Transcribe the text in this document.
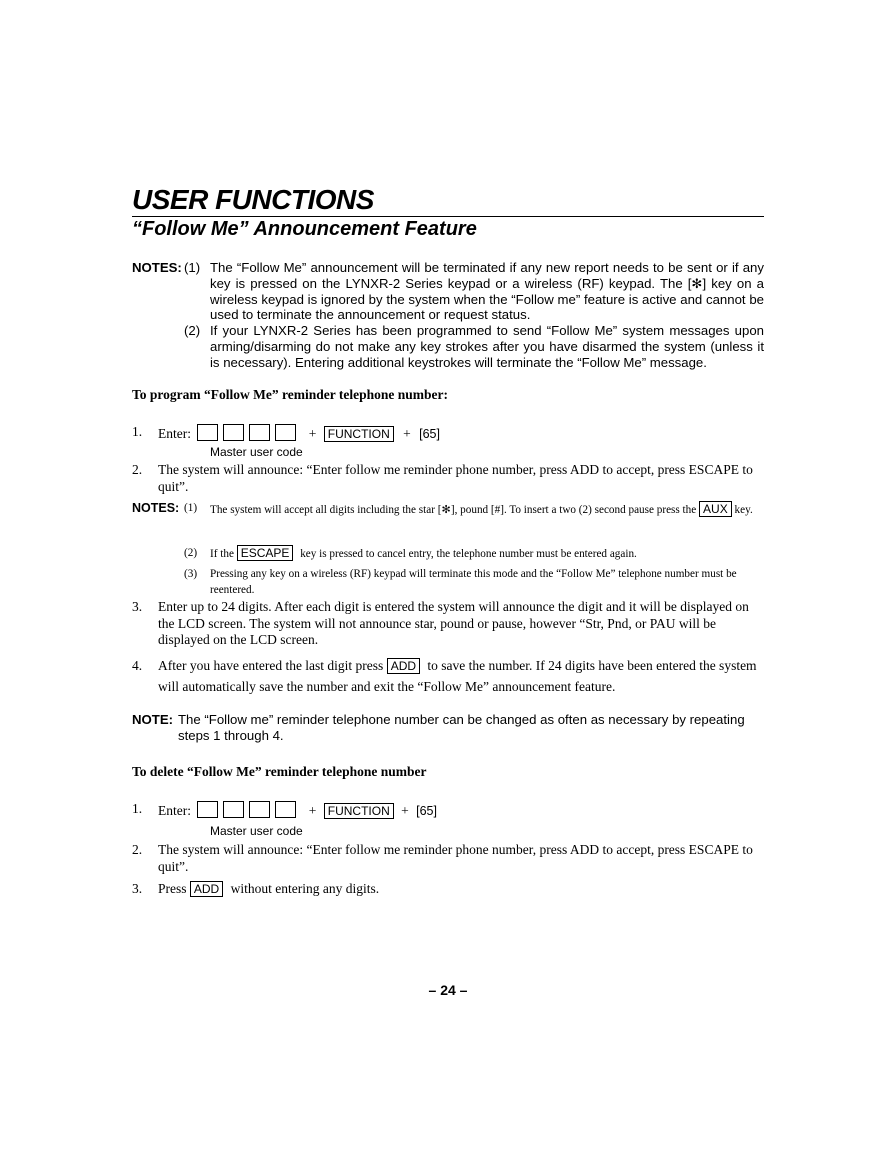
USER FUNCTIONS
“Follow Me” Announcement Feature
NOTES: (1) The “Follow Me” announcement will be terminated if any new report needs to be sent or if any key is pressed on the LYNXR-2 Series keypad or a wireless (RF) keypad. The [✻] key on a wireless keypad is ignored by the system when the “Follow me” feature is active and cannot be used to terminate the announcement or request status.
(2) If your LYNXR-2 Series has been programmed to send “Follow Me” system messages upon arming/disarming do not make any key strokes after you have disarmed the system (unless it is necessary). Entering additional keystrokes will terminate the “Follow Me” message.
To program “Follow Me” reminder telephone number:
1. Enter:	+ FUNCTION + [65]
Master user code
2. The system will announce: “Enter follow me reminder phone number, press ADD to accept, press ESCAPE to quit”.
NOTES: (1) The system will accept all digits including the star [✻], pound [#]. To insert a two (2) second pause press the AUX key.
(2) If the ESCAPE key is pressed to cancel entry, the telephone number must be entered again.
(3) Pressing any key on a wireless (RF) keypad will terminate this mode and the “Follow Me” telephone number must be reentered.
3. Enter up to 24 digits. After each digit is entered the system will announce the digit and it will be displayed on the LCD screen. The system will not announce star, pound or pause, however “Str, Pnd, or PAU will be displayed on the LCD screen.
4. After you have entered the last digit press ADD to save the number. If 24 digits have been entered the system will automatically save the number and exit the “Follow Me” announcement feature.
NOTE: The “Follow me” reminder telephone number can be changed as often as necessary by repeating steps 1 through 4.
To delete “Follow Me” reminder telephone number
1. Enter:	+ FUNCTION + [65]
Master user code
2. The system will announce: “Enter follow me reminder phone number, press ADD to accept, press ESCAPE to quit”.
3. Press ADD without entering any digits.
– 24 –
